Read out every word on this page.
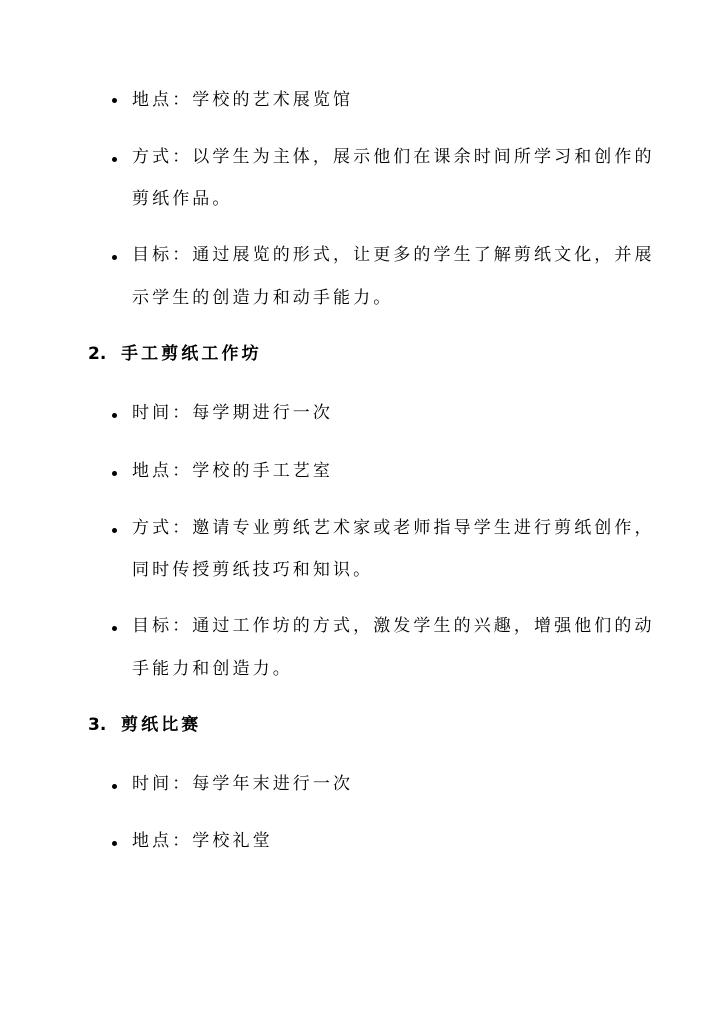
地点：学校的艺术展览馆
方式：以学生为主体，展示他们在课余时间所学习和创作的
剪纸作品。
目标：通过展览的形式，让更多的学生了解剪纸文化，并展
示学生的创造力和动手能力。
2. 手工剪纸工作坊
时间：每学期进行一次
地点：学校的手工艺室
方式：邀请专业剪纸艺术家或老师指导学生进行剪纸创作，
同时传授剪纸技巧和知识。
目标：通过工作坊的方式，激发学生的兴趣，增强他们的动
手能力和创造力。
3. 剪纸比赛
时间：每学年末进行一次
地点：学校礼堂
